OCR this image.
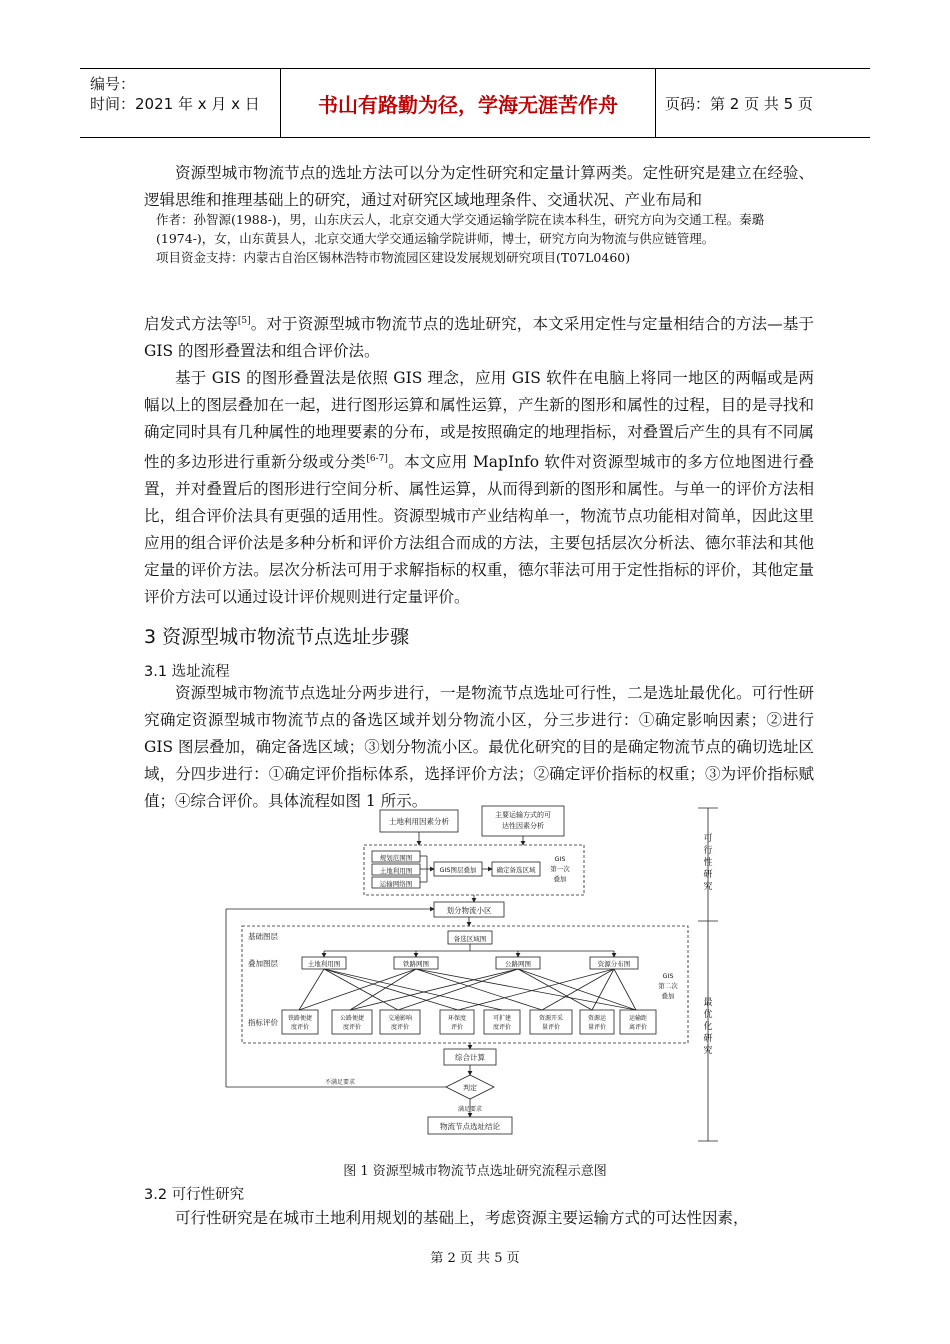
编号：
时间：2021 年 x 月 x 日	书山有路勤为径，学海无涯苦作舟	页码：第 2 页 共 5 页

资源型城市物流节点的选址方法可以分为定性研究和定量计算两类。定性研究是建立在经验、逻辑思维和推理基础上的研究，通过对研究区域地理条件、交通状况、产业布局和

作者：孙智源(1988-)，男，山东庆云人，北京交通大学交通运输学院在读本科生，研究方向为交通工程。秦璐(1974-)，女，山东黄县人，北京交通大学交通运输学院讲师，博士，研究方向为物流与供应链管理。
项目资金支持：内蒙古自治区锡林浩特市物流园区建设发展规划研究项目(T07L0460)

启发式方法等[5]。对于资源型城市物流节点的选址研究，本文采用定性与定量相结合的方法—基于 GIS 的图形叠置法和组合评价法。

基于 GIS 的图形叠置法是依照 GIS 理念，应用 GIS 软件在电脑上将同一地区的两幅或是两幅以上的图层叠加在一起，进行图形运算和属性运算，产生新的图形和属性的过程，目的是寻找和确定同时具有几种属性的地理要素的分布，或是按照确定的地理指标，对叠置后产生的具有不同属性的多边形进行重新分级或分类[6-7]。本文应用 MapInfo 软件对资源型城市的多方位地图进行叠置，并对叠置后的图形进行空间分析、属性运算，从而得到新的图形和属性。与单一的评价方法相比，组合评价法具有更强的适用性。资源型城市产业结构单一，物流节点功能相对简单，因此这里应用的组合评价法是多种分析和评价方法组合而成的方法，主要包括层次分析法、德尔菲法和其他定量的评价方法。层次分析法可用于求解指标的权重，德尔菲法可用于定性指标的评价，其他定量评价方法可以通过设计评价规则进行定量评价。

3 资源型城市物流节点选址步骤
3.1 选址流程

资源型城市物流节点选址分两步进行，一是物流节点选址可行性，二是选址最优化。可行性研究确定资源型城市物流节点的备选区域并划分物流小区，分三步进行：①确定影响因素；②进行 GIS 图层叠加，确定备选区域；③划分物流小区。最优化研究的目的是确定物流节点的确切选址区域，分四步进行：①确定评价指标体系，选择评价方法；②确定评价指标的权重；③为评价指标赋值；④综合评价。具体流程如图 1 所示。

土地利用因素分析
主要运输方式的可
达性因素分析
规划范围图
土地利用图
运输网络图
GIS图层叠加	确定备选区域
GIS
第一次
叠加
划分物流小区
备选区域图
土地利用图	铁路网图	公路网图	资源分布图
GIS
第二次
叠加
铁路便捷
度评价
公路便捷
度评价
交通影响
度评价
环保度
评价
可扩建
度评价
资源开采
量评价
资源运
量评价
运输距
离评价
综合计算
判定
满足要求
不满足要求
物流节点选址结论
基础图层
叠加图层
指标评价
可
行
性
研
究
最
优
化
研
究
图 1 资源型城市物流节点选址研究流程示意图
3.2 可行性研究

可行性研究是在城市土地利用规划的基础上，考虑资源主要运输方式的可达性因素，

第 2 页 共 5 页
